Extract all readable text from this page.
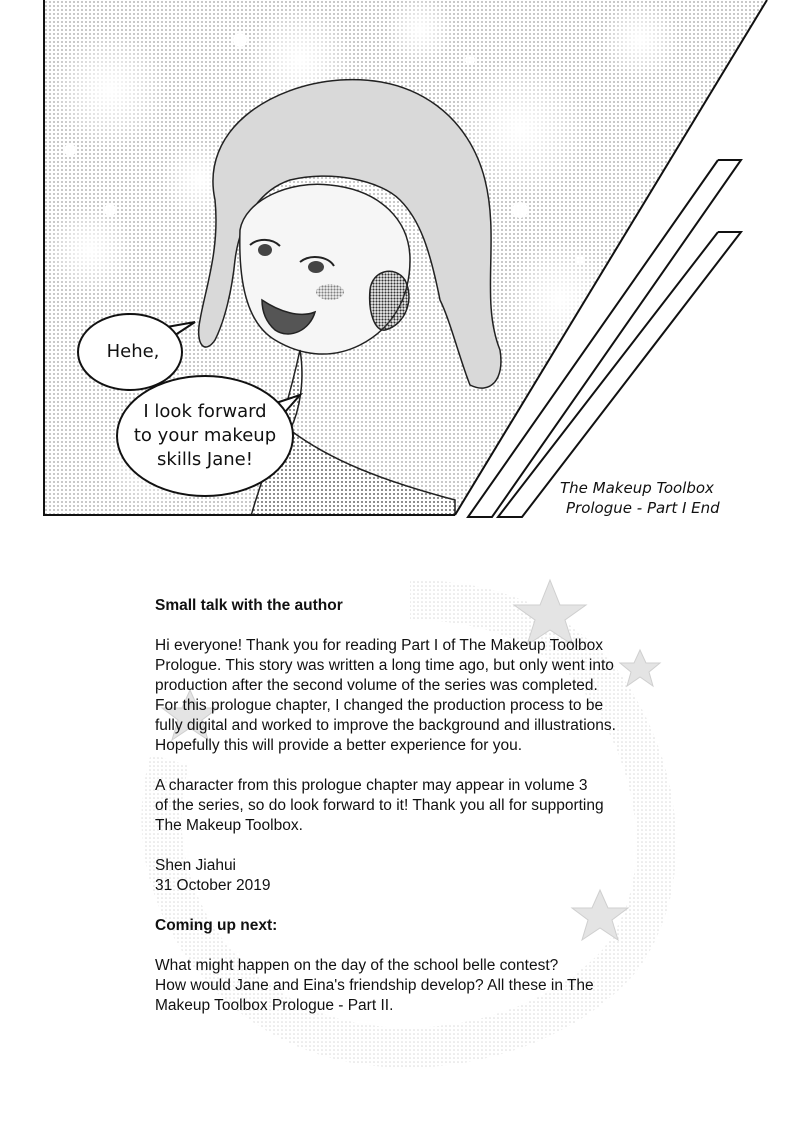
Hehe,
I look forward
to your makeup
skills Jane!
The Makeup Toolbox
Prologue - Part I End

Small talk with the author

Hi everyone! Thank you for reading Part I of The Makeup Toolbox
Prologue. This story was written a long time ago, but only went into
production after the second volume of the series was completed.
For this prologue chapter, I changed the production process to be
fully digital and worked to improve the background and illustrations.
Hopefully this will provide a better experience for you.

A character from this prologue chapter may appear in volume 3
of the series, so do look forward to it! Thank you all for supporting
The Makeup Toolbox.

Shen Jiahui
31 October 2019

Coming up next:

What might happen on the day of the school belle contest?
How would Jane and Eina's friendship develop? All these in The
Makeup Toolbox Prologue - Part II.
